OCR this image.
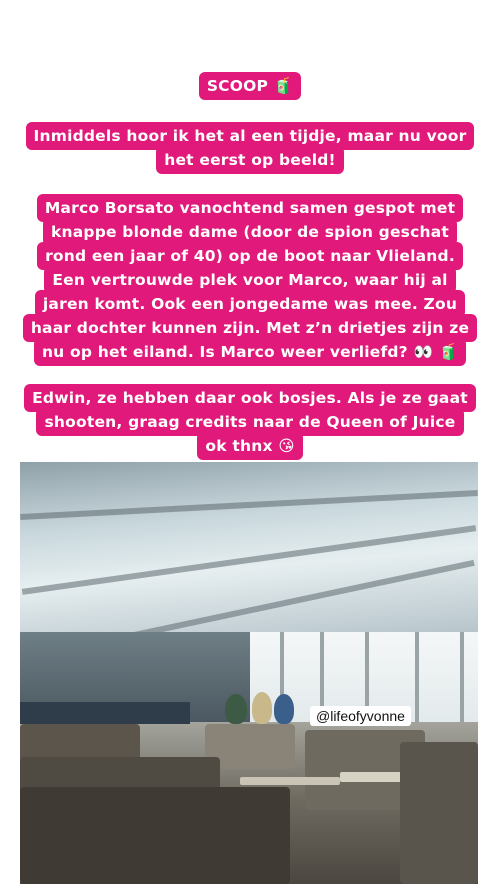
SCOOP 🧃
Inmiddels hoor ik het al een tijdje, maar nu voor
het eerst op beeld!
Marco Borsato vanochtend samen gespot met
knappe blonde dame (door de spion geschat
rond een jaar of 40) op de boot naar Vlieland.
Een vertrouwde plek voor Marco, waar hij al
jaren komt. Ook een jongedame was mee. Zou
haar dochter kunnen zijn. Met z’n drietjes zijn ze
nu op het eiland. Is Marco weer verliefd? 👀 🧃
Edwin, ze hebben daar ook bosjes. Als je ze gaat
shooten, graag credits naar de Queen of Juice
ok thnx 😘
@lifeofyvonne
